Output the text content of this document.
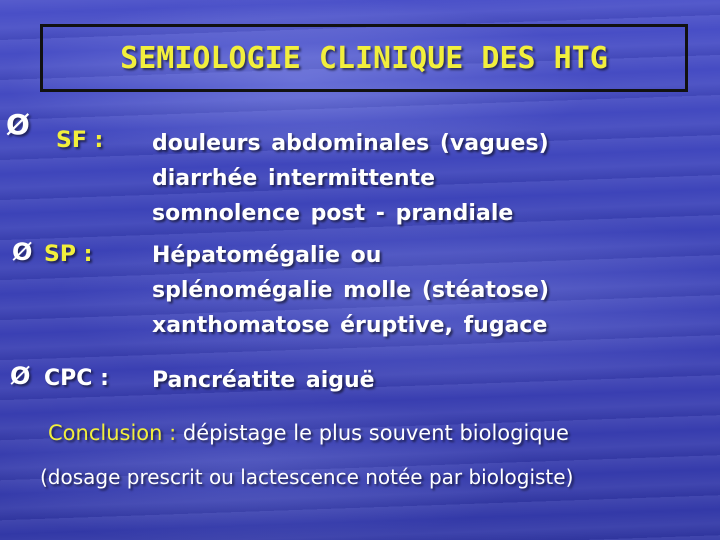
SEMIOLOGIE CLINIQUE DES HTG
Ø SF : douleurs abdominales (vagues)
diarrhée intermittente
somnolence post - prandiale
Ø SP :	Hépatomégalie ou
splénomégalie molle (stéatose)
xanthomatose éruptive, fugace
Ø CPC : Pancréatite aiguë
Conclusion : dépistage le plus souvent biologique
(dosage prescrit ou lactescence notée par biologiste)
